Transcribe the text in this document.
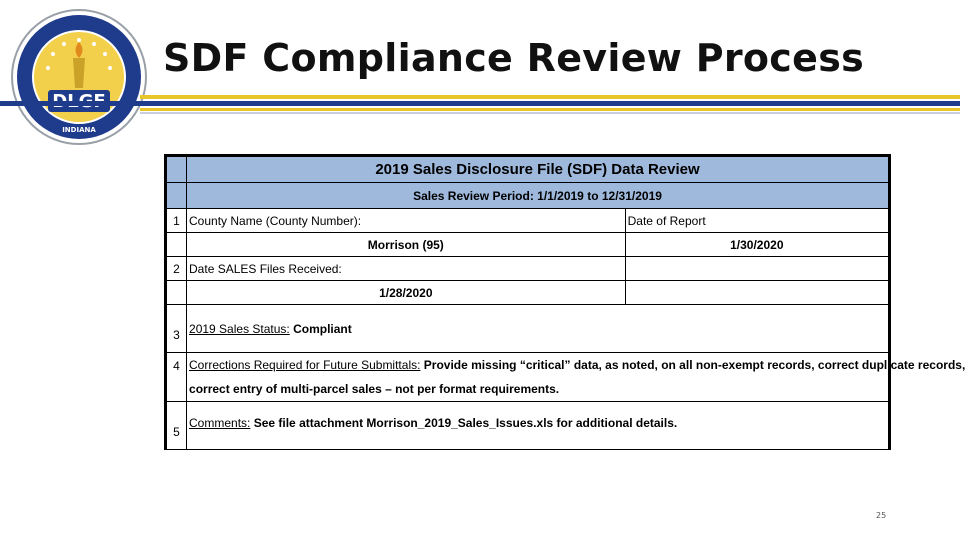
INDIANA
SDF Compliance Review Process
	2019 Sales Disclosure File (SDF) Data Review	
	Sales Review Period: 1/1/2019 to 12/31/2019	
1	County Name (County Number):	Date of Report
	Morrison (95)	1/30/2020
2	Date SALES Files Received:	
	1/28/2020	
3	2019 Sales Status: Compliant	
4	Corrections Required for Future Submittals: Provide missing “critical” data, as noted, on all non-exempt records, correct duplicate records,
correct entry of multi-parcel sales – not per format requirements.	
5	Comments: See file attachment Morrison_2019_Sales_Issues.xls for additional details.	
25
